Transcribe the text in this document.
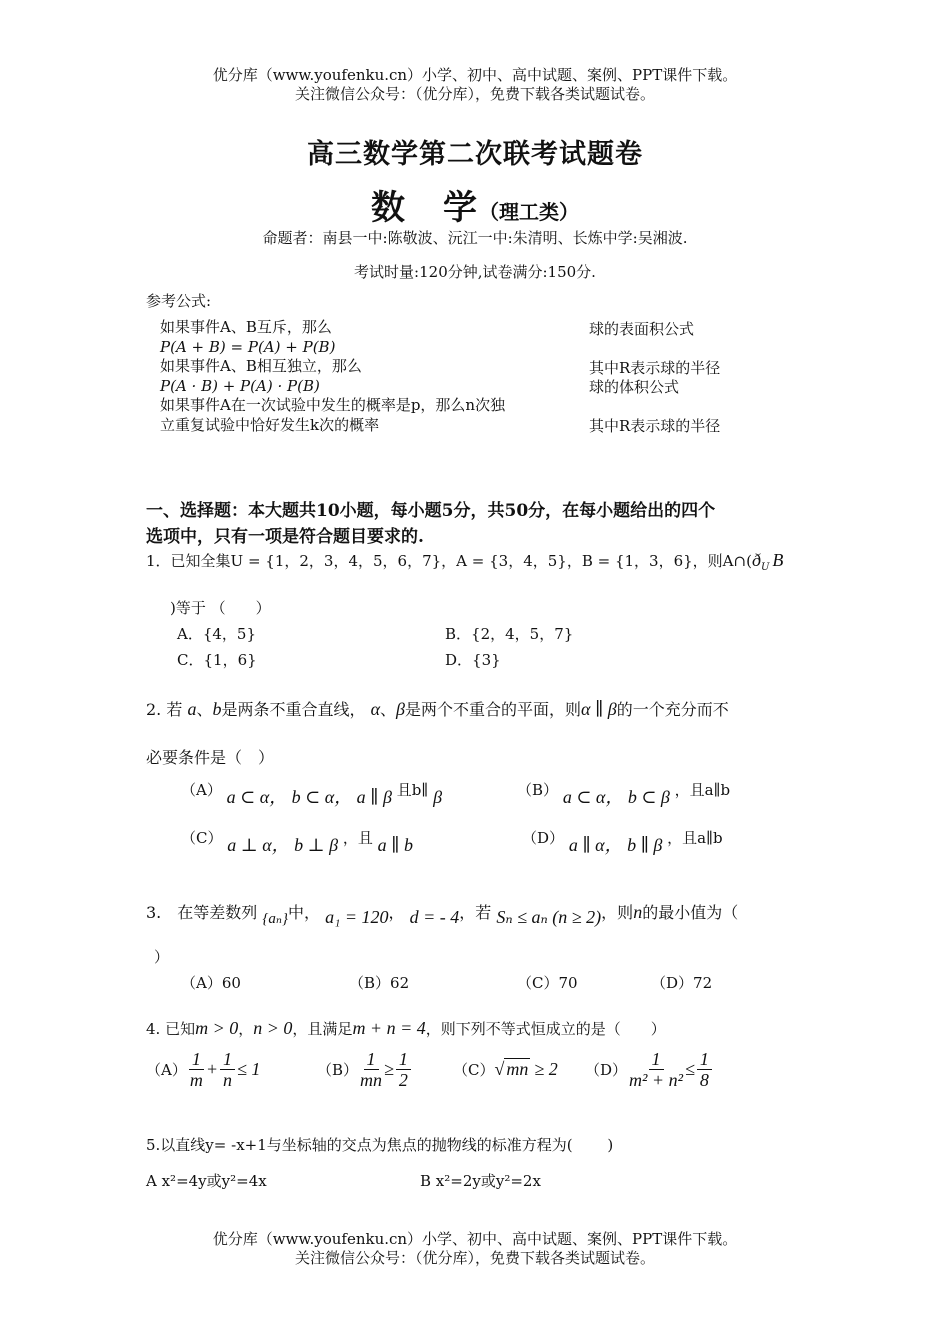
优分库（www.youfenku.cn）小学、初中、高中试题、案例、PPT课件下载。
关注微信公众号：（优分库），免费下载各类试题试卷。
高三数学第二次联考试题卷
数　学（理工类）
命题者：南县一中:陈敬波、沅江一中:朱清明、长炼中学:吴湘波.
考试时量:120分钟,试卷满分:150分.
参考公式:
如果事件A、B互斥，那么
P(A + B) = P(A) + P(B)
如果事件A、B相互独立，那么
P(A · B) + P(A) · P(B)
如果事件A在一次试验中发生的概率是p，那么n次独
立重复试验中恰好发生k次的概率
球的表面积公式
其中R表示球的半径
球的体积公式
其中R表示球的半径
一、选择题：本大题共10小题，每小题5分，共50分，在每小题给出的四个
选项中，只有一项是符合题目要求的.
1．已知全集U = {1，2，3，4，5，6，7}，A = {3，4，5}，B = {1，3，6}，则$A\cap(ð_U$ B
)等于 （　　）
A．{4，5}	B．{2，4，5，7}
C．{1，6}	D．{3}
2. 若 a、b是两条不重合直线， α、β是两个不重合的平面，则α ∥ β的一个充分而不
必要条件是（　）
（A） a ⊂ α， b ⊂ α， a ∥ β 且b∥ β	（B） a ⊂ α， b ⊂ β ，且a∥b
（C） a ⊥ α， b ⊥ β ，且 a ∥ b	（D） a ∥ α， b ∥ β ，且a∥b
3.　在等差数列 {aₙ}中， a₁ = 120， d = - 4，若 Sₙ ≤ aₙ (n ≥ 2)，则n的最小值为（
）
（A）60	（B）62	（C）70	（D）72
4. 已知m > 0，n > 0，且满足m + n = 4，则下列不等式恒成立的是（　　）
$(A) \frac{1}{m} + \frac{1}{n} \le 1$	$(B) \frac{1}{mn} \ge \frac{1}{2}$	（C） √ mn ≥ 2 $(D) \frac{1}{\text{m² + n²}} \le \frac{1}{8}$
5.以直线y= -x+1与坐标轴的交点为焦点的抛物线的标准方程为(　　 )
A x²=4y或y²=4x	B x²=2y或y²=2x
优分库（www.youfenku.cn）小学、初中、高中试题、案例、PPT课件下载。
关注微信公众号：（优分库），免费下载各类试题试卷。
